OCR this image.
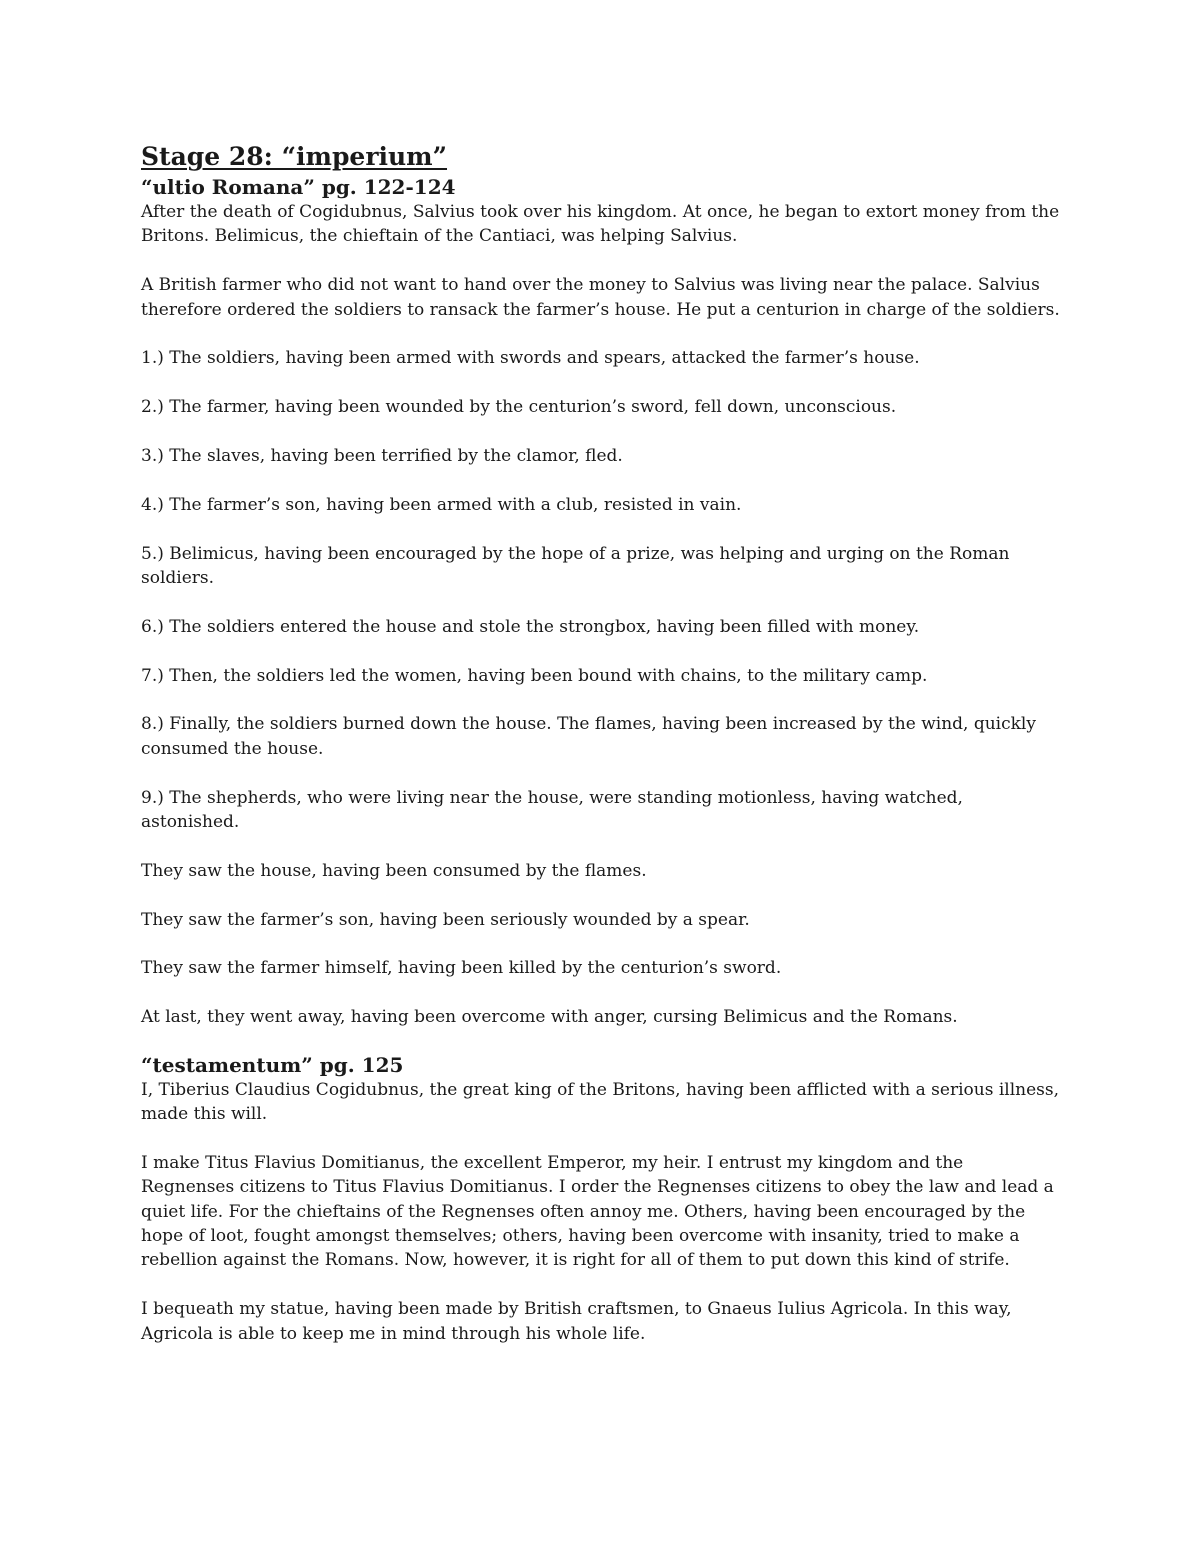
Stage 28: “imperium”
“ultio Romana” pg. 122-124

After the death of Cogidubnus, Salvius took over his kingdom. At once, he began to extort money from the Britons. Belimicus, the chieftain of the Cantiaci, was helping Salvius.

A British farmer who did not want to hand over the money to Salvius was living near the palace. Salvius therefore ordered the soldiers to ransack the farmer’s house. He put a centurion in charge of the soldiers.

1.) The soldiers, having been armed with swords and spears, attacked the farmer’s house.

2.) The farmer, having been wounded by the centurion’s sword, fell down, unconscious.

3.) The slaves, having been terrified by the clamor, fled.

4.) The farmer’s son, having been armed with a club, resisted in vain.

5.) Belimicus, having been encouraged by the hope of a prize, was helping and urging on the Roman soldiers.

6.) The soldiers entered the house and stole the strongbox, having been filled with money.

7.) Then, the soldiers led the women, having been bound with chains, to the military camp.

8.) Finally, the soldiers burned down the house. The flames, having been increased by the wind, quickly consumed the house.

9.) The shepherds, who were living near the house, were standing motionless, having watched, astonished.

They saw the house, having been consumed by the flames.

They saw the farmer’s son, having been seriously wounded by a spear.

They saw the farmer himself, having been killed by the centurion’s sword.

At last, they went away, having been overcome with anger, cursing Belimicus and the Romans.

“testamentum” pg. 125

I, Tiberius Claudius Cogidubnus, the great king of the Britons, having been afflicted with a serious illness, made this will.

I make Titus Flavius Domitianus, the excellent Emperor, my heir. I entrust my kingdom and the Regnenses citizens to Titus Flavius Domitianus. I order the Regnenses citizens to obey the law and lead a quiet life. For the chieftains of the Regnenses often annoy me. Others, having been encouraged by the hope of loot, fought amongst themselves; others, having been overcome with insanity, tried to make a rebellion against the Romans. Now, however, it is right for all of them to put down this kind of strife.

I bequeath my statue, having been made by British craftsmen, to Gnaeus Iulius Agricola. In this way, Agricola is able to keep me in mind through his whole life.
